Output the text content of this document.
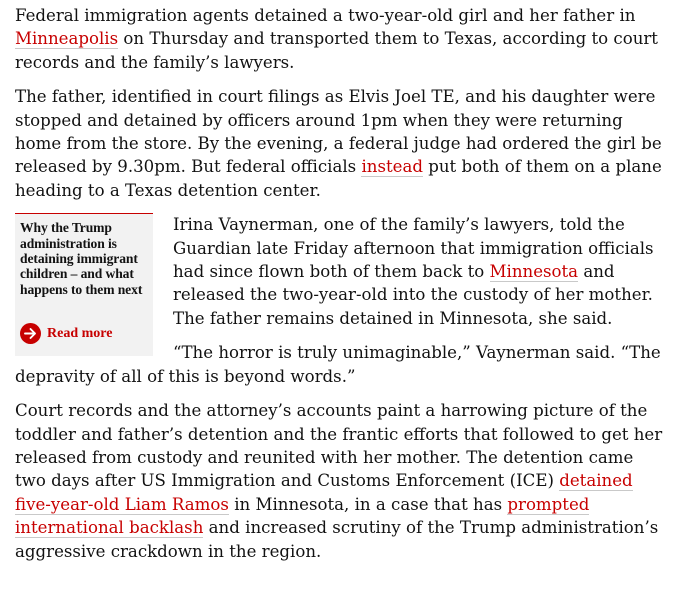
Federal immigration agents detained a two-year-old girl and her father in Minneapolis on Thursday and transported them to Texas, according to court records and the family’s lawyers.

The father, identified in court filings as Elvis Joel TE, and his daughter were stopped and detained by officers around 1pm when they were returning home from the store. By the evening, a federal judge had ordered the girl be released by 9.30pm. But federal officials instead put both of them on a plane heading to a Texas detention center.

Why the Trump administration is detaining immigrant children – and what happens to them next

Read more

Irina Vaynerman, one of the family’s lawyers, told the Guardian late Friday afternoon that immigration officials had since flown both of them back to Minnesota and released the two-year-old into the custody of her mother. The father remains detained in Minnesota, she said.

“The horror is truly unimaginable,” Vaynerman said. “The depravity of all of this is beyond words.”

Court records and the attorney’s accounts paint a harrowing picture of the toddler and father’s detention and the frantic efforts that followed to get her released from custody and reunited with her mother. The detention came two days after US Immigration and Customs Enforcement (ICE) detained five-year-old Liam Ramos in Minnesota, in a case that has prompted international backlash and increased scrutiny of the Trump administration’s aggressive crackdown in the region.
